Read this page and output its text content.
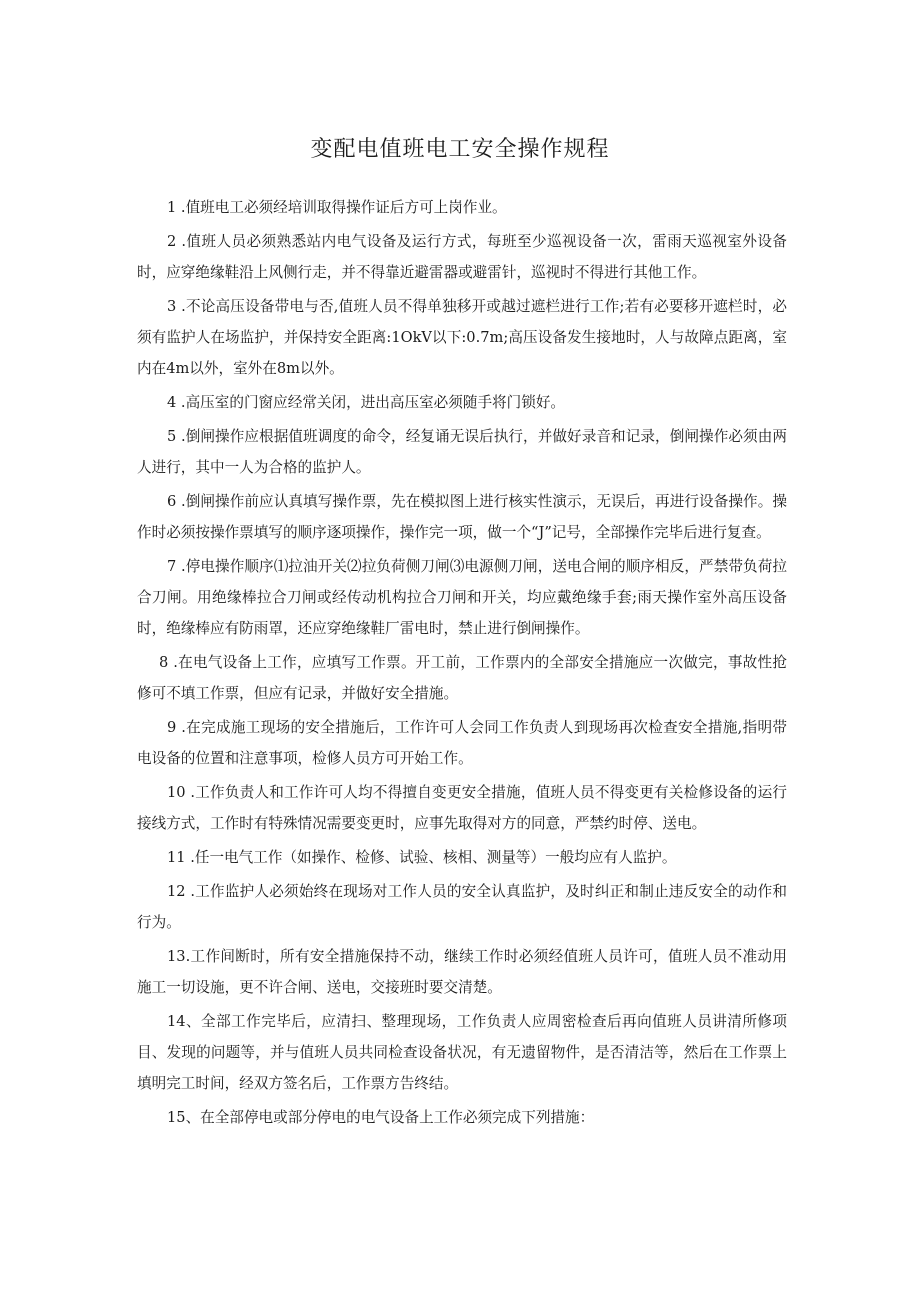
变配电值班电工安全操作规程

1 .值班电工必须经培训取得操作证后方可上岗作业。

2 .值班人员必须熟悉站内电气设备及运行方式，每班至少巡视设备一次，雷雨天巡视室外设备时，应穿绝缘鞋沿上风侧行走，并不得靠近避雷器或避雷针，巡视时不得进行其他工作。

3 .不论高压设备带电与否,值班人员不得单独移开或越过遮栏进行工作;若有必要移开遮栏时，必须有监护人在场监护，并保持安全距离:1OkV以下:0.7m;高压设备发生接地时，人与故障点距离，室内在4m以外，室外在8m以外。

4 .高压室的门窗应经常关闭，进出高压室必须随手将门锁好。

5 .倒闸操作应根据值班调度的命令，经复诵无误后执行，并做好录音和记录，倒闸操作必须由两人进行，其中一人为合格的监护人。

6 .倒闸操作前应认真填写操作票，先在模拟图上进行核实性演示，无误后，再进行设备操作。操作时必须按操作票填写的顺序逐项操作，操作完一项，做一个“J”记号，全部操作完毕后进行复查。

7 .停电操作顺序⑴拉油开关⑵拉负荷侧刀闸⑶电源侧刀闸，送电合闸的顺序相反，严禁带负荷拉合刀闸。用绝缘棒拉合刀闸或经传动机构拉合刀闸和开关，均应戴绝缘手套;雨天操作室外高压设备时，绝缘棒应有防雨罩，还应穿绝缘鞋厂雷电时，禁止进行倒闸操作。

8 .在电气设备上工作，应填写工作票。开工前，工作票内的全部安全措施应一次做完，事故性抢修可不填工作票，但应有记录，并做好安全措施。

9 .在完成施工现场的安全措施后，工作许可人会同工作负责人到现场再次检查安全措施,指明带电设备的位置和注意事项，检修人员方可开始工作。

10 .工作负责人和工作许可人均不得擅自变更安全措施，值班人员不得变更有关检修设备的运行接线方式，工作时有特殊情况需要变更时，应事先取得对方的同意，严禁约时停、送电。

11 .任一电气工作（如操作、检修、试验、核相、测量等）一般均应有人监护。

12 .工作监护人必须始终在现场对工作人员的安全认真监护，及时纠正和制止违反安全的动作和行为。

13.工作间断时，所有安全措施保持不动，继续工作时必须经值班人员许可，值班人员不准动用施工一切设施，更不许合闸、送电，交接班时要交清楚。

14、全部工作完毕后，应清扫、整理现场，工作负责人应周密检查后再向值班人员讲清所修项目、发现的问题等，并与值班人员共同检查设备状况，有无遗留物件，是否清洁等，然后在工作票上填明完工时间，经双方签名后，工作票方告终结。

15、在全部停电或部分停电的电气设备上工作必须完成下列措施：
